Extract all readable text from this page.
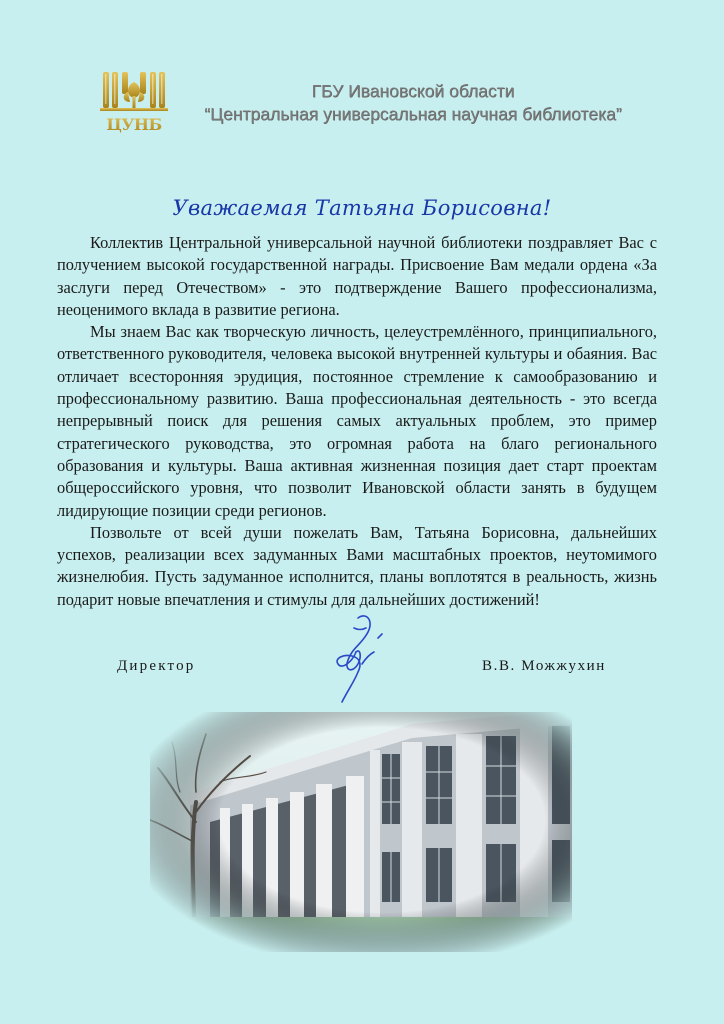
ЦУНБ
ГБУ Ивановской области
“Центральная универсальная научная библиотека”
Уважаемая Татьяна Борисовна!

Коллектив Центральной универсальной научной библиотеки поздравляет Вас с получением высокой государственной награды. Присвоение Вам медали ордена «За заслуги перед Отечеством» - это подтверждение Вашего профессионализма, неоценимого вклада в развитие региона.

Мы знаем Вас как творческую личность, целеустремлённого, принципиального, ответственного руководителя, человека высокой внутренней культуры и обаяния. Вас отличает всесторонняя эрудиция, постоянное стремление к самообразованию и профессиональному развитию. Ваша профессиональная деятельность - это всегда непрерывный поиск для решения самых актуальных проблем, это пример стратегического руководства, это огромная работа на благо регионального образования и культуры. Ваша активная жизненная позиция дает старт проектам общероссийского уровня, что позволит Ивановской области занять в будущем лидирующие позиции среди регионов.

Позвольте от всей души пожелать Вам, Татьяна Борисовна, дальнейших успехов, реализации всех задуманных Вами масштабных проектов, неутомимого жизнелюбия. Пусть задуманное исполнится, планы воплотятся в реальность, жизнь подарит новые впечатления и стимулы для дальнейших достижений!

Директор	В.В. Можжухин
